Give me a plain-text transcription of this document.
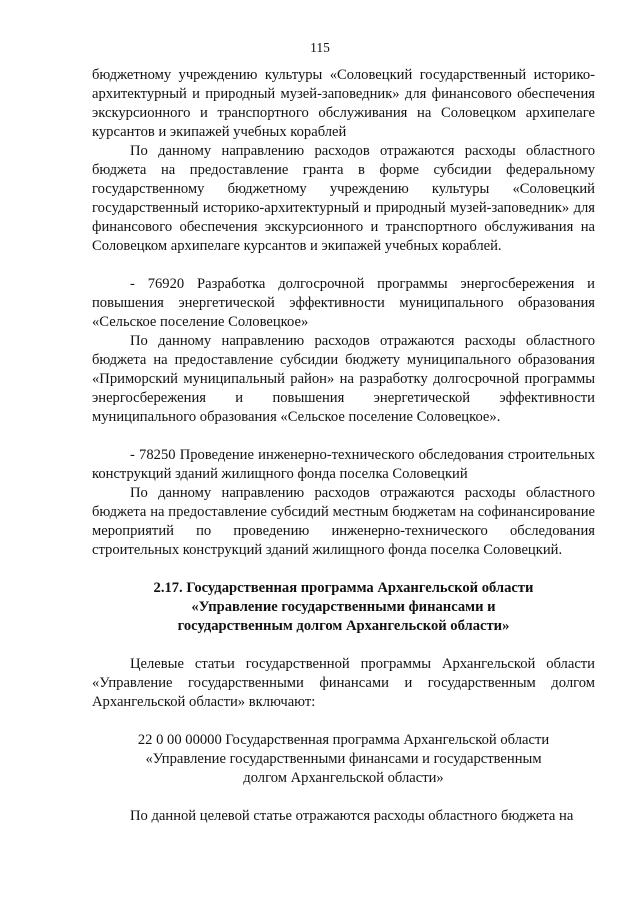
115

бюджетному учреждению культуры «Соловецкий государственный историко-архитектурный и природный музей-заповедник» для финансового обеспечения экскурсионного и транспортного обслуживания на Соловецком архипелаге курсантов и экипажей учебных кораблей

По данному направлению расходов отражаются расходы областного бюджета на предоставление гранта в форме субсидии федеральному государственному бюджетному учреждению культуры «Соловецкий государственный историко-архитектурный и природный музей-заповедник» для финансового обеспечения экскурсионного и транспортного обслуживания на Соловецком архипелаге курсантов и экипажей учебных кораблей.

- 76920 Разработка долгосрочной программы энергосбережения и повышения энергетической эффективности муниципального образования «Сельское поселение Соловецкое»

По данному направлению расходов отражаются расходы областного бюджета на предоставление субсидии бюджету муниципального образования «Приморский муниципальный район» на разработку долгосрочной программы энергосбережения и повышения энергетической эффективности муниципального образования «Сельское поселение Соловецкое».

- 78250 Проведение инженерно-технического обследования строительных конструкций зданий жилищного фонда поселка Соловецкий

По данному направлению расходов отражаются расходы областного бюджета на предоставление субсидий местным бюджетам на софинансирование мероприятий по проведению инженерно-технического обследования строительных конструкций зданий жилищного фонда поселка Соловецкий.

2.17. Государственная программа Архангельской области
«Управление государственными финансами и
государственным долгом Архангельской области»

Целевые статьи государственной программы Архангельской области «Управление государственными финансами и государственным долгом Архангельской области» включают:

22 0 00 00000 Государственная программа Архангельской области
«Управление государственными финансами и государственным
долгом Архангельской области»

По данной целевой статье отражаются расходы областного бюджета на
